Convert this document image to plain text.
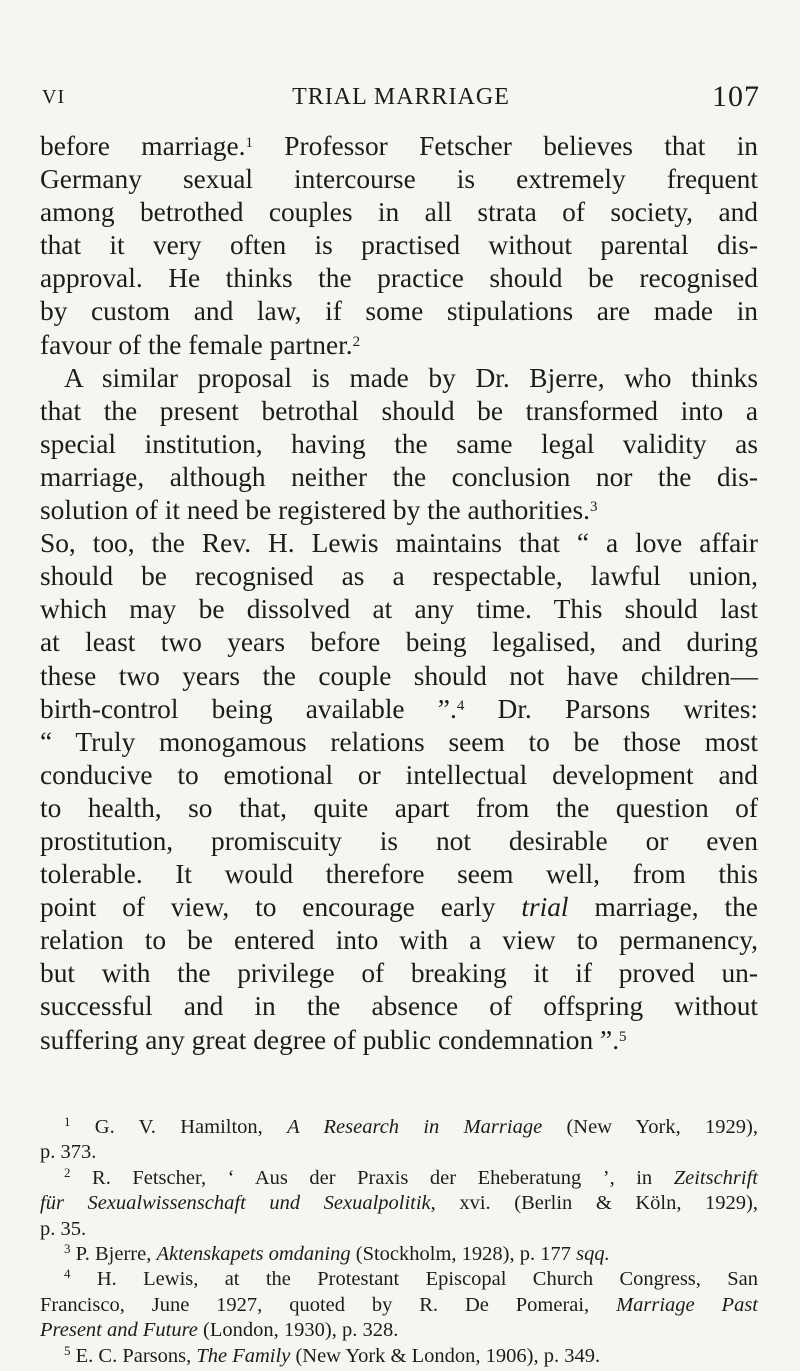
VI	TRIAL MARRIAGE	107
before marriage.$^1$ Professor Fetscher believes that in
Germany sexual intercourse is extremely frequent
among betrothed couples in all strata of society, and
that it very often is practised without parental dis-
approval. He thinks the practice should be recognised
by custom and law, if some stipulations are made in
favour of the female partner.$^2$
A similar proposal is made by Dr. Bjerre, who thinks
that the present betrothal should be transformed into a
special institution, having the same legal validity as
marriage, although neither the conclusion nor the dis-
solution of it need be registered by the authorities.$^3$
So, too, the Rev. H. Lewis maintains that “ a love affair
should be recognised as a respectable, lawful union,
which may be dissolved at any time. This should last
at least two years before being legalised, and during
these two years the couple should not have children—
birth-control being available ”.$^4$ Dr. Parsons writes:
“ Truly monogamous relations seem to be those most
conducive to emotional or intellectual development and
to health, so that, quite apart from the question of
prostitution, promiscuity is not desirable or even
tolerable. It would therefore seem well, from this
point of view, to encourage early trial marriage, the
relation to be entered into with a view to permanency,
but with the privilege of breaking it if proved un-
successful and in the absence of offspring without
suffering any great degree of public condemnation ”.$^5$
$^1$ G. V. Hamilton, A Research in Marriage (New York, 1929),
p. 373.
$^2$ R. Fetscher, ‘ Aus der Praxis der Eheberatung ’, in Zeitschrift
für Sexualwissenschaft und Sexualpolitik, xvi. (Berlin & Köln, 1929),
p. 35.
$^3$ P. Bjerre, Aktenskapets omdaning (Stockholm, 1928), p. 177 sqq.
$^4$ H. Lewis, at the Protestant Episcopal Church Congress, San
Francisco, June 1927, quoted by R. De Pomerai, Marriage Past
Present and Future (London, 1930), p. 328.
$^5$ E. C. Parsons, The Family (New York & London, 1906), p. 349.
